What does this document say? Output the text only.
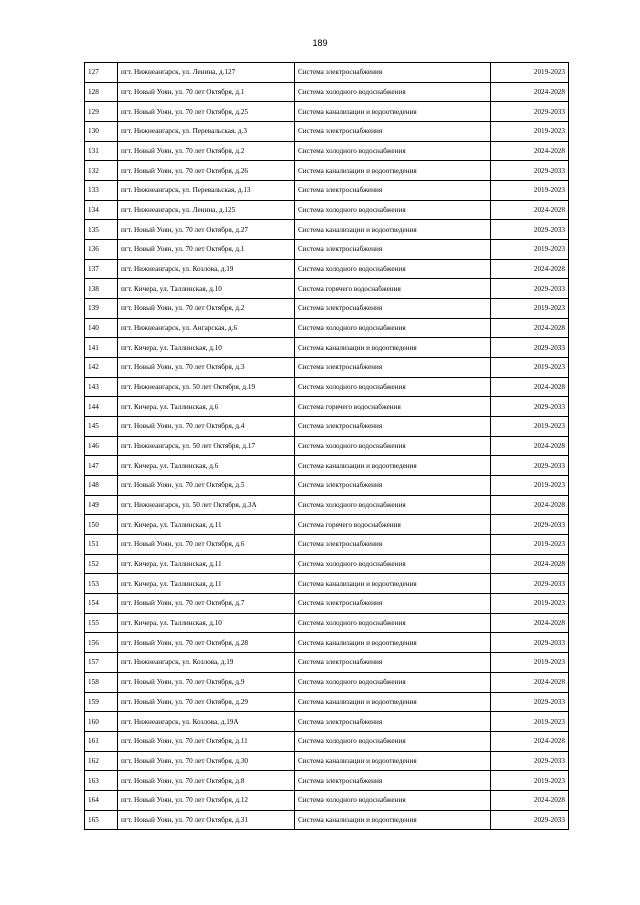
189
127	пгт. Нижнеангарск, ул. Ленина, д.127	Система электроснабжения	2019-2023
128	пгт. Новый Уоян, ул. 70 лет Октября, д.1	Система холодного водоснабжения	2024-2028
129	пгт. Новый Уоян, ул. 70 лет Октября, д.25	Система канализации и водоотведения	2029-2033
130	пгт. Нижнеангарск, ул. Перевальская, д.3	Система электроснабжения	2019-2023
131	пгт. Новый Уоян, ул. 70 лет Октября, д.2	Система холодного водоснабжения	2024-2028
132	пгт. Новый Уоян, ул. 70 лет Октября, д.26	Система канализации и водоотведения	2029-2033
133	пгт. Нижнеангарск, ул. Перевальская, д.13	Система электроснабжения	2019-2023
134	пгт. Нижнеангарск, ул. Ленина, д.125	Система холодного водоснабжения	2024-2028
135	пгт. Новый Уоян, ул. 70 лет Октября, д.27	Система канализации и водоотведения	2029-2033
136	пгт. Новый Уоян, ул. 70 лет Октября, д.1	Система электроснабжения	2019-2023
137	пгт. Нижнеангарск, ул. Козлова, д.19	Система холодного водоснабжения	2024-2028
138	пгт. Кичера, ул. Таллинская, д.10	Система горячего водоснабжения	2029-2033
139	пгт. Новый Уоян, ул. 70 лет Октября, д.2	Система электроснабжения	2019-2023
140	пгт. Нижнеангарск, ул. Ангарская, д.6	Система холодного водоснабжения	2024-2028
141	пгт. Кичера, ул. Таллинская, д.10	Система канализации и водоотведения	2029-2033
142	пгт. Новый Уоян, ул. 70 лет Октября, д.3	Система электроснабжения	2019-2023
143	пгт. Нижнеангарск, ул. 50 лет Октября, д.19	Система холодного водоснабжения	2024-2028
144	пгт. Кичера, ул. Таллинская, д.6	Система горячего водоснабжения	2029-2033
145	пгт. Новый Уоян, ул. 70 лет Октября, д.4	Система электроснабжения	2019-2023
146	пгт. Нижнеангарск, ул. 50 лет Октября, д.17	Система холодного водоснабжения	2024-2028
147	пгт. Кичера, ул. Таллинская, д.6	Система канализации и водоотведения	2029-2033
148	пгт. Новый Уоян, ул. 70 лет Октября, д.5	Система электроснабжения	2019-2023
149	пгт. Нижнеангарск, ул. 50 лет Октября, д.3А	Система холодного водоснабжения	2024-2028
150	пгт. Кичера, ул. Таллинская, д.11	Система горячего водоснабжения	2029-2033
151	пгт. Новый Уоян, ул. 70 лет Октября, д.6	Система электроснабжения	2019-2023
152	пгт. Кичера, ул. Таллинская, д.11	Система холодного водоснабжения	2024-2028
153	пгт. Кичера, ул. Таллинская, д.11	Система канализации и водоотведения	2029-2033
154	пгт. Новый Уоян, ул. 70 лет Октября, д.7	Система электроснабжения	2019-2023
155	пгт. Кичера, ул. Таллинская, д.10	Система холодного водоснабжения	2024-2028
156	пгт. Новый Уоян, ул. 70 лет Октября, д.28	Система канализации и водоотведения	2029-2033
157	пгт. Нижнеангарск, ул. Козлова, д.19	Система электроснабжения	2019-2023
158	пгт. Новый Уоян, ул. 70 лет Октября, д.9	Система холодного водоснабжения	2024-2028
159	пгт. Новый Уоян, ул. 70 лет Октября, д.29	Система канализации и водоотведения	2029-2033
160	пгт. Нижнеангарск, ул. Козлова, д.19А	Система электроснабжения	2019-2023
161	пгт. Новый Уоян, ул. 70 лет Октября, д.11	Система холодного водоснабжения	2024-2028
162	пгт. Новый Уоян, ул. 70 лет Октября, д.30	Система канализации и водоотведения	2029-2033
163	пгт. Новый Уоян, ул. 70 лет Октября, д.8	Система электроснабжения	2019-2023
164	пгт. Новый Уоян, ул. 70 лет Октября, д.12	Система холодного водоснабжения	2024-2028
165	пгт. Новый Уоян, ул. 70 лет Октября, д.31	Система канализации и водоотведения	2029-2033
